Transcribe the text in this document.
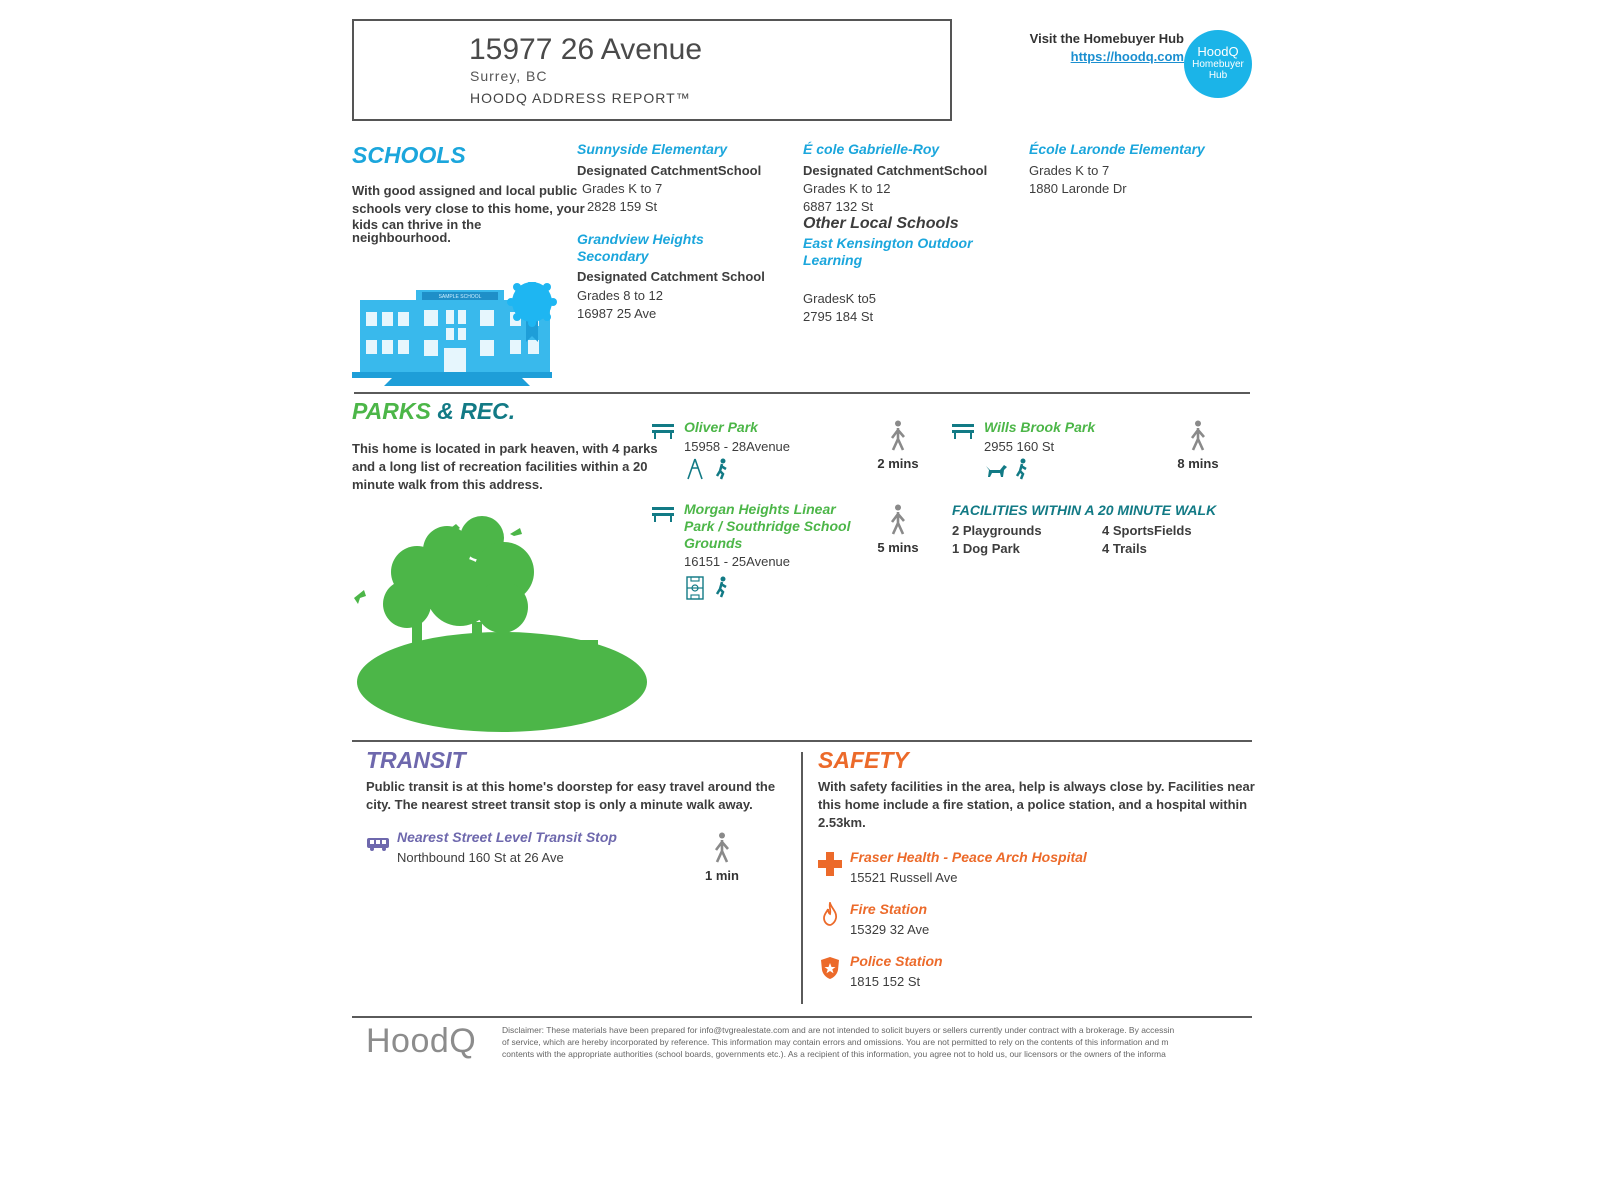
15977 26 Avenue
Surrey, BC
HOODQ ADDRESS REPORT™
Visit the Homebuyer Hub
https://hoodq.com	HoodQ
Homebuyer
Hub
SCHOOLS
With good assigned and local public
schools very close to this home, your
kids can thrive in the
neighbourhood.
SAMPLE SCHOOL
Sunnyside Elementary
Designated CatchmentSchool
Grades K to 7
2828 159 St
Grandview Heights
Secondary
Designated Catchment School
Grades 8 to 12
16987 25 Ave
É cole Gabrielle-Roy
Designated CatchmentSchool
Grades K to 12
6887 132 St
Other Local Schools
East Kensington Outdoor
Learning
GradesK to5
2795 184 St
École Laronde Elementary
Grades K to 7
1880 Laronde Dr
PARKS & REC.
This home is located in park heaven, with 4 parks
and a long list of recreation facilities within a 20
minute walk from this address.
Oliver Park
15958 - 28Avenue
2 mins
Wills Brook Park
2955 160 St
8 mins
Morgan Heights Linear
Park / Southridge School
Grounds
16151 - 25Avenue
5 mins
FACILITIES WITHIN A 20 MINUTE WALK
2 Playgrounds	4 SportsFields
1 Dog Park	4 Trails
TRANSIT
Public transit is at this home's doorstep for easy travel around the
city. The nearest street transit stop is only a minute walk away.
Nearest Street Level Transit Stop
Northbound 160 St at 26 Ave
1 min
SAFETY
With safety facilities in the area, help is always close by. Facilities near
this home include a fire station, a police station, and a hospital within
2.53km.
Fraser Health - Peace Arch Hospital
15521 Russell Ave
Fire Station
15329 32 Ave
Police Station
1815 152 St
HoodQ	Disclaimer: These materials have been prepared for info@tvgrealestate.com and are not intended to solicit buyers or sellers currently under contract with a brokerage. By accessin
of service, which are hereby incorporated by reference. This information may contain errors and omissions. You are not permitted to rely on the contents of this information and m
contents with the appropriate authorities (school boards, governments etc.). As a recipient of this information, you agree not to hold us, our licensors or the owners of the informa
